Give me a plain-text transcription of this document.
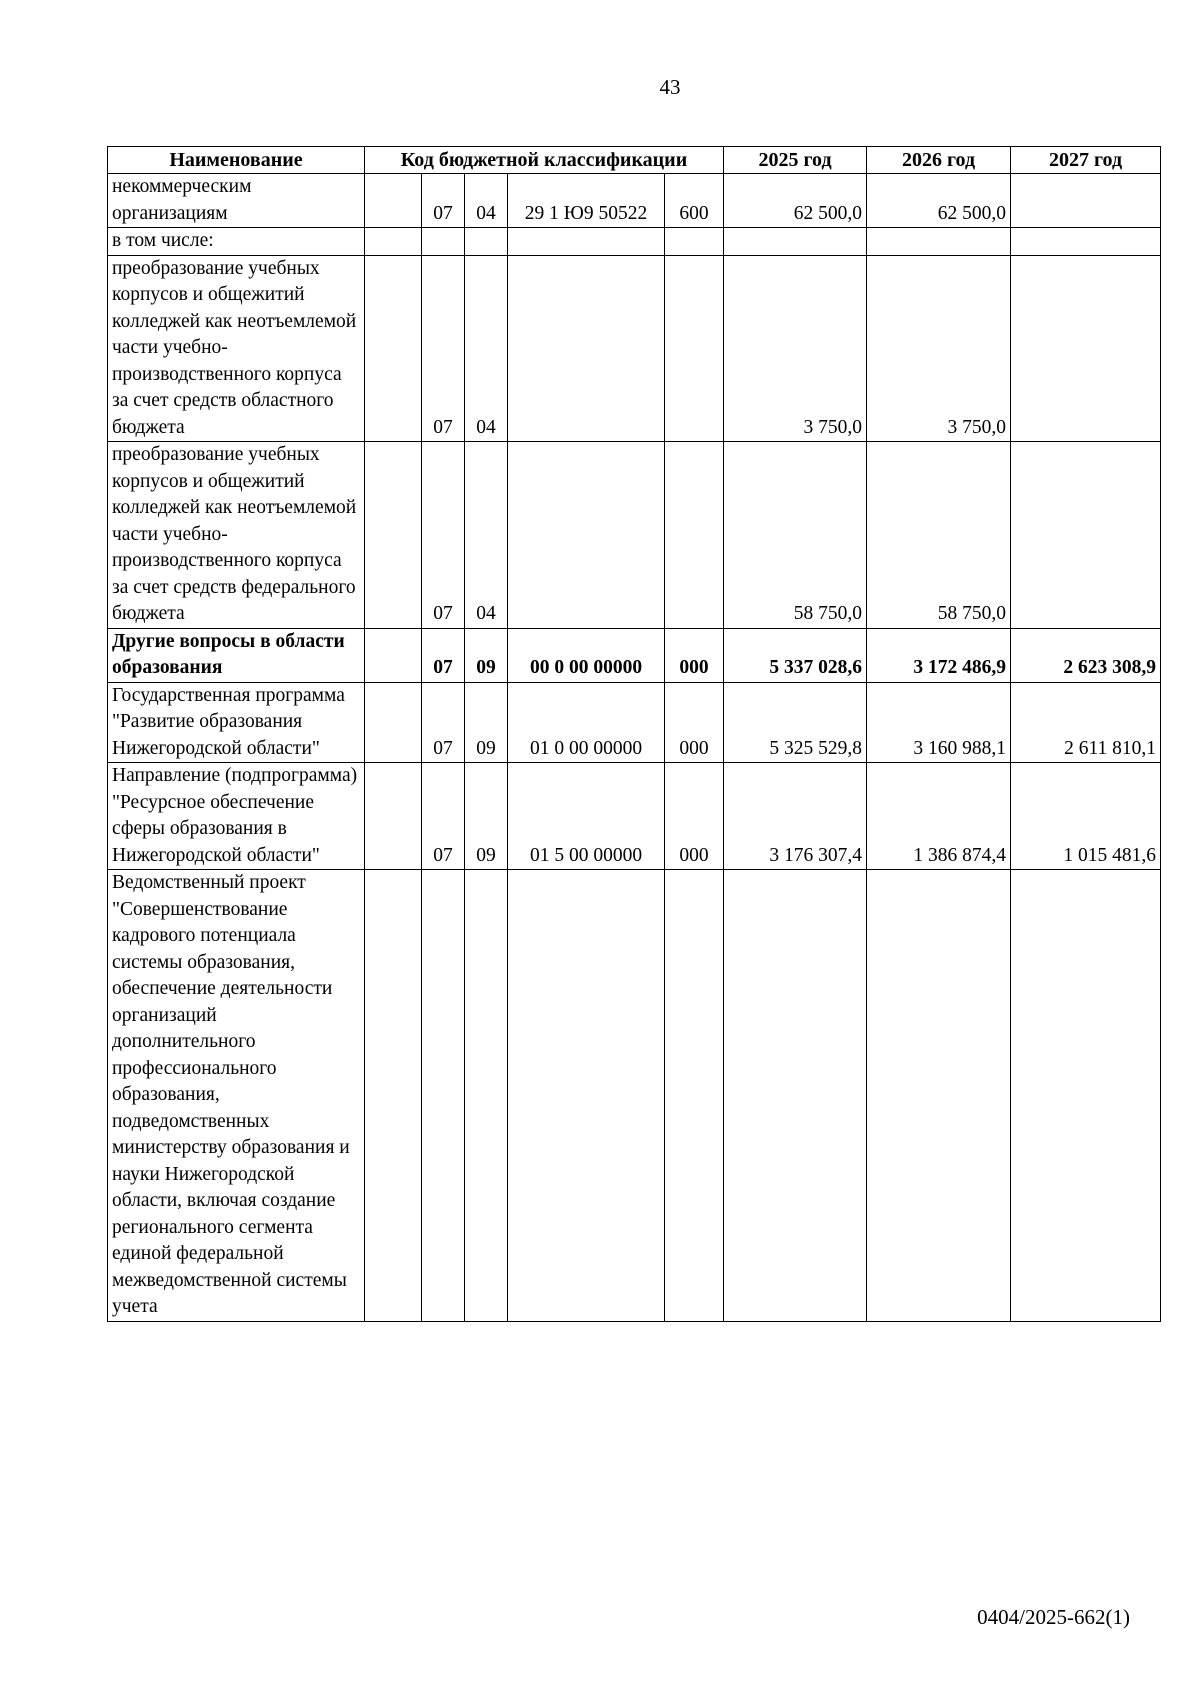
43
Наименование	Код бюджетной классификации					2025 год	2026 год	2027 год
некоммерческим организациям		07	04	29 1 Ю9 50522	600	62 500,0	62 500,0	
в том числе:								
преобразование учебных корпусов и общежитий колледжей как неотъемлемой части учебно-производственного корпуса за счет средств областного бюджета		07	04			3 750,0	3 750,0	
преобразование учебных корпусов и общежитий колледжей как неотъемлемой части учебно-производственного корпуса за счет средств федерального бюджета		07	04			58 750,0	58 750,0	
Другие вопросы в области образования		07	09	00 0 00 00000	000	5 337 028,6	3 172 486,9	2 623 308,9
Государственная программа "Развитие образования Нижегородской области"		07	09	01 0 00 00000	000	5 325 529,8	3 160 988,1	2 611 810,1
Направление (подпрограмма) "Ресурсное обеспечение сферы образования в Нижегородской области"		07	09	01 5 00 00000	000	3 176 307,4	1 386 874,4	1 015 481,6
Ведомственный проект "Совершенствование кадрового потенциала системы образования, обеспечение деятельности организаций дополнительного профессионального образования, подведомственных министерству образования и науки Нижегородской области, включая создание регионального сегмента единой федеральной межведомственной системы учета								
0404/2025-662(1)
